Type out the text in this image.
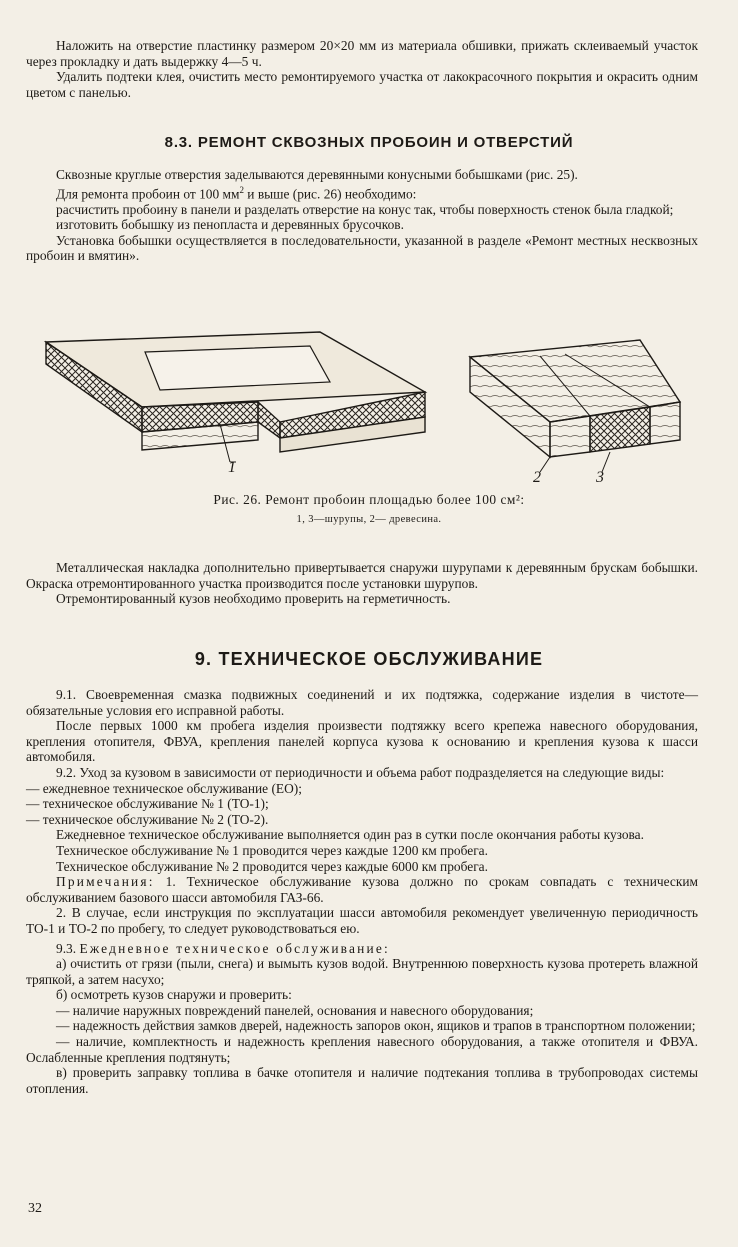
Наложить на отверстие пластинку размером 20×20 мм из материала обшивки, прижать склеиваемый участок через прокладку и дать выдержку 4—5 ч.

Удалить подтеки клея, очистить место ремонтируемого участка от лакокрасочного покрытия и окрасить одним цветом с панелью.

8.3. РЕМОНТ СКВОЗНЫХ ПРОБОИН И ОТВЕРСТИЙ

Сквозные круглые отверстия заделываются деревянными конусными бобышками (рис. 25).

Для ремонта пробоин от 100 $мм^2$ и выше (рис. 26) необходимо:

расчистить пробоину в панели и разделать отверстие на конус так, чтобы поверхность стенок была гладкой;

изготовить бобышку из пенопласта и деревянных брусочков.

Установка бобышки осуществляется в последовательности, указанной в разделе «Ремонт местных несквозных пробоин и вмятин».

1
2	3
Рис. 26. Ремонт пробоин площадью более 100 см²:
1, 3—шурупы, 2— древесина.

Металлическая накладка дополнительно привертывается снаружи шурупами к деревянным брускам бобышки. Окраска отремонтированного участка производится после установки шурупов.

Отремонтированный кузов необходимо проверить на герметичность.

9. ТЕХНИЧЕСКОЕ ОБСЛУЖИВАНИЕ

9.1. Своевременная смазка подвижных соединений и их подтяжка, содержание изделия в чистоте—обязательные условия его исправной работы.

После первых 1000 км пробега изделия произвести подтяжку всего крепежа навесного оборудования, крепления отопителя, ФВУА, крепления панелей корпуса кузова к основанию и крепления кузова к шасси автомобиля.

9.2. Уход за кузовом в зависимости от периодичности и объема работ подразделяется на следующие виды:

— ежедневное техническое обслуживание (ЕО);

— техническое обслуживание № 1 (ТО-1);

— техническое обслуживание № 2 (ТО-2).

Ежедневное техническое обслуживание выполняется один раз в сутки после окончания работы кузова.

Техническое обслуживание № 1 проводится через каждые 1200 км пробега.

Техническое обслуживание № 2 проводится через каждые 6000 км пробега.

Примечания: 1. Техническое обслуживание кузова должно по срокам совпадать с техническим обслуживанием базового шасси автомобиля ГАЗ-66.

2. В случае, если инструкция по эксплуатации шасси автомобиля рекомендует увеличенную периодичность ТО-1 и ТО-2 по пробегу, то следует руководствоваться ею.

9.3. Ежедневное техническое обслуживание:

а) очистить от грязи (пыли, снега) и вымыть кузов водой. Внутреннюю поверхность кузова протереть влажной тряпкой, а затем насухо;

б) осмотреть кузов снаружи и проверить:

— наличие наружных повреждений панелей, основания и навесного оборудования;

— надежность действия замков дверей, надежность запоров окон, ящиков и трапов в транспортном положении;

— наличие, комплектность и надежность крепления навесного оборудования, а также отопителя и ФВУА. Ослабленные крепления подтянуть;

в) проверить заправку топлива в бачке отопителя и наличие подтекания топлива в трубопроводах системы отопления.

32
